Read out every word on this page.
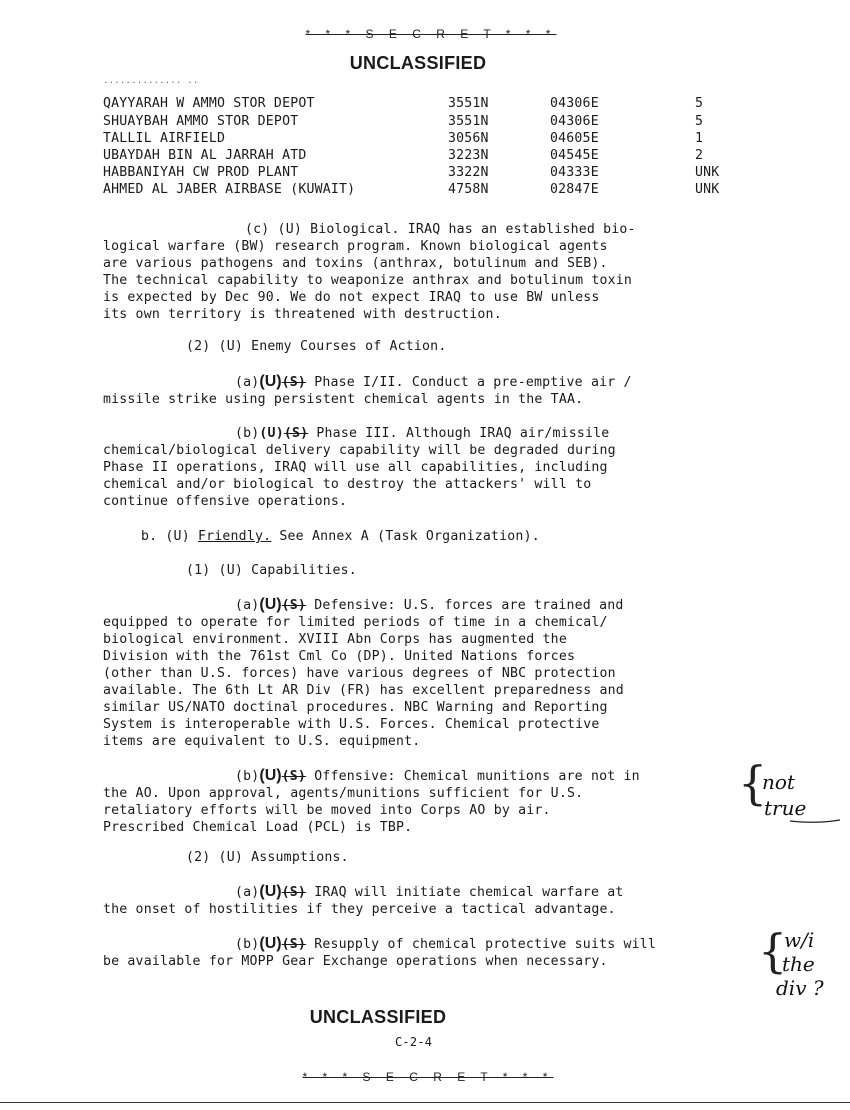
* * * S E C R E T * * *
UNCLASSIFIED
.............. ..
QAYYARAH W AMMO STOR DEPOT	3551N	04306E	5
SHUAYBAH AMMO STOR DEPOT	3551N	04306E	5
TALLIL AIRFIELD	3056N	04605E	1
UBAYDAH BIN AL JARRAH ATD	3223N	04545E	2
HABBANIYAH CW PROD PLANT	3322N	04333E	UNK
AHMED AL JABER AIRBASE (KUWAIT)	4758N	02847E	UNK
(c) (U) Biological. IRAQ has an established bio-
logical warfare (BW) research program. Known biological agents
are various pathogens and toxins (anthrax, botulinum and SEB).
The technical capability to weaponize anthrax and botulinum toxin
is expected by Dec 90. We do not expect IRAQ to use BW unless
its own territory is threatened with destruction.
(2) (U) Enemy Courses of Action.
(a)(U)(S) Phase I/II. Conduct a pre-emptive air /
missile strike using persistent chemical agents in the TAA.
(b)(U)(S) Phase III. Although IRAQ air/missile
chemical/biological delivery capability will be degraded during
Phase II operations, IRAQ will use all capabilities, including
chemical and/or biological to destroy the attackers' will to
continue offensive operations.
b. (U) Friendly. See Annex A (Task Organization).
(1) (U) Capabilities.
(a)(U)(S) Defensive: U.S. forces are trained and
equipped to operate for limited periods of time in a chemical/
biological environment. XVIII Abn Corps has augmented the
Division with the 761st Cml Co (DP). United Nations forces
(other than U.S. forces) have various degrees of NBC protection
available. The 6th Lt AR Div (FR) has excellent preparedness and
similar US/NATO doctinal procedures. NBC Warning and Reporting
System is interoperable with U.S. Forces. Chemical protective
items are equivalent to U.S. equipment.
(b)(U)(S) Offensive: Chemical munitions are not in
the AO. Upon approval, agents/munitions sufficient for U.S.
retaliatory efforts will be moved into Corps AO by air.
Prescribed Chemical Load (PCL) is TBP.
{
not
true
(2) (U) Assumptions.
(a)(U)(S) IRAQ will initiate chemical warfare at
the onset of hostilities if they perceive a tactical advantage.
(b)(U)(S) Resupply of chemical protective suits will
be available for MOPP Gear Exchange operations when necessary.	{
w/i
the
div ?
UNCLASSIFIED
C-2-4
* * * S E C R E T * * *
